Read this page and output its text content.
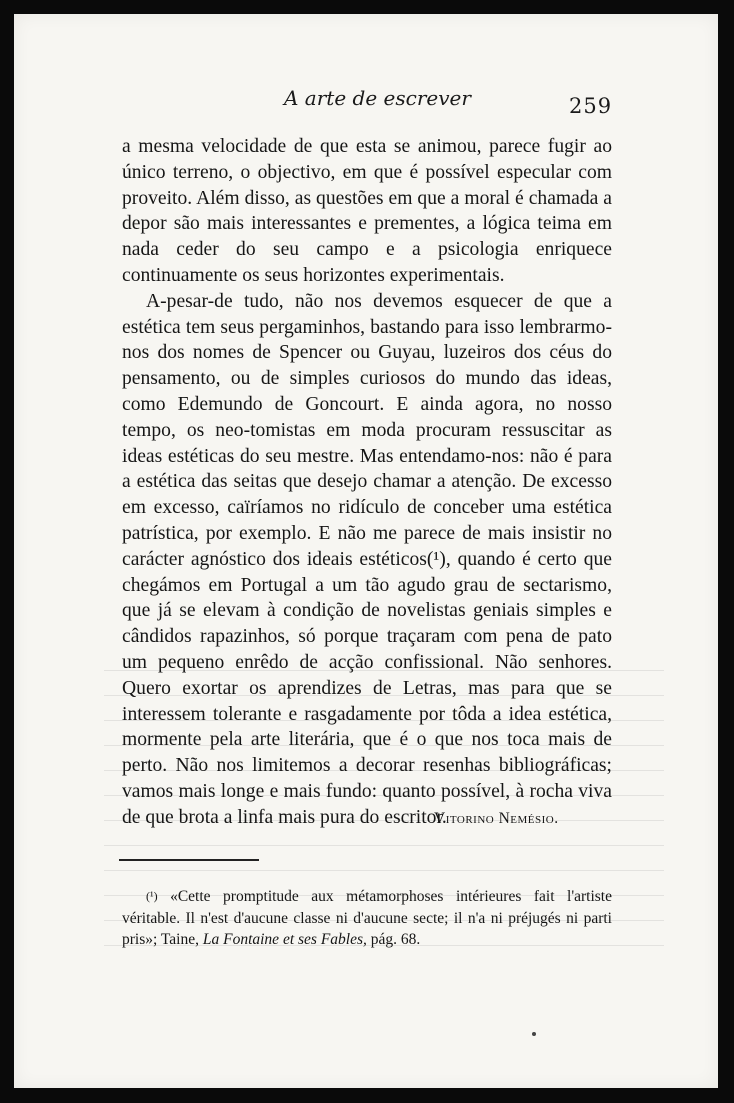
A arte de escrever	259

a mesma velocidade de que esta se animou, parece fugir ao único terreno, o objectivo, em que é possível especular com proveito. Além disso, as questões em que a moral é chamada a depor são mais interessantes e prementes, a lógica teima em nada ceder do seu campo e a psicologia enriquece continuamente os seus horizontes experimentais.

A-pesar-de tudo, não nos devemos esquecer de que a estética tem seus pergaminhos, bastando para isso lembrarmo-nos dos nomes de Spencer ou Guyau, luzeiros dos céus do pensamento, ou de simples curiosos do mundo das ideas, como Edemundo de Goncourt. E ainda agora, no nosso tempo, os neo-tomistas em moda procuram ressuscitar as ideas estéticas do seu mestre. Mas entendamo-nos: não é para a estética das seitas que desejo chamar a atenção. De excesso em excesso, caïríamos no ridículo de conceber uma estética patrística, por exemplo. E não me parece de mais insistir no carácter agnóstico dos ideais estéticos(¹), quando é certo que chegámos em Portugal a um tão agudo grau de sectarismo, que já se elevam à condição de novelistas geniais simples e cândidos rapazinhos, só porque traçaram com pena de pato um pequeno enrêdo de acção confissional. Não senhores. Quero exortar os aprendizes de Letras, mas para que se interessem tolerante e rasgadamente por tôda a idea estética, mormente pela arte literária, que é o que nos toca mais de perto. Não nos limitemos a decorar resenhas bibliográficas; vamos mais longe e mais fundo: quanto possível, à rocha viva de que brota a linfa mais pura do escritor.

Vitorino Nemésio.
$^{(^1)}$ «Cette promptitude aux métamorphoses intérieures fait l'artiste véritable. Il n'est d'aucune classe ni d'aucune secte; il n'a ni préjugés ni parti pris»; Taine, La Fontaine et ses Fables, pág. 68.
